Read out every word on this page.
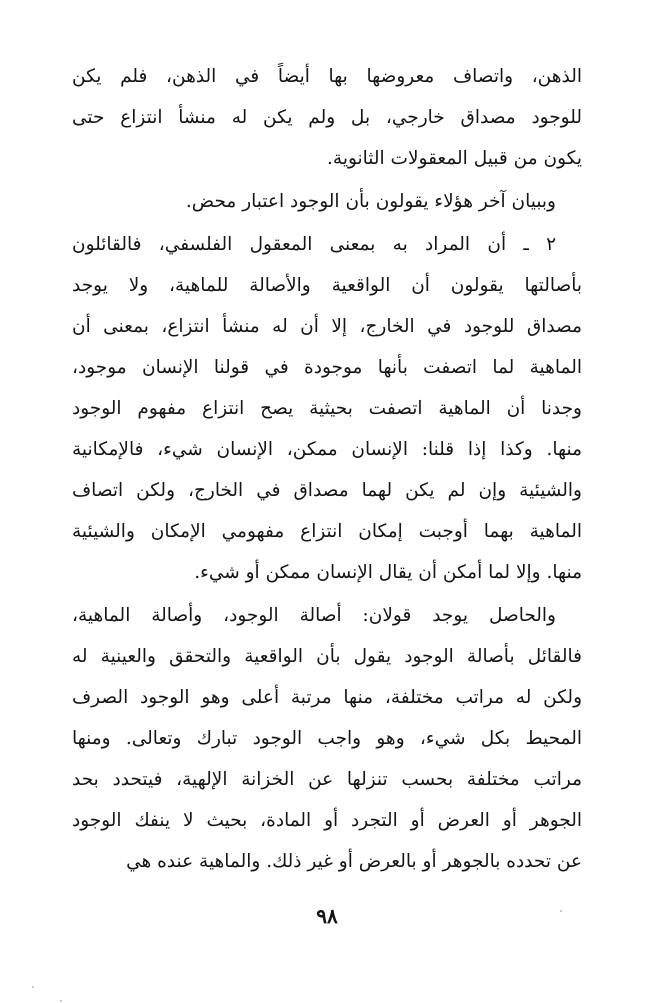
الذهن، واتصاف معروضها بها أيضاً في الذهن، فلم يكن
للوجود مصداق خارجي، بل ولم يكن له منشأ انتزاع حتى
يكون من قبيل المعقولات الثانوية.
وببيان آخر هؤلاء يقولون بأن الوجود اعتبار محض.
٢ ـ أن المراد به بمعنى المعقول الفلسفي، فالقائلون
بأصالتها يقولون أن الواقعية والأصالة للماهية، ولا يوجد
مصداق للوجود في الخارج، إلا أن له منشأ انتزاع، بمعنى أن
الماهية لما اتصفت بأنها موجودة في قولنا الإنسان موجود،
وجدنا أن الماهية اتصفت بحيثية يصح انتزاع مفهوم الوجود
منها. وكذا إذا قلنا: الإنسان ممكن، الإنسان شيء، فالإمكانية
والشيئية وإن لم يكن لهما مصداق في الخارج، ولكن اتصاف
الماهية بهما أوجبت إمكان انتزاع مفهومي الإمكان والشيئية
منها. وإلا لما أمكن أن يقال الإنسان ممكن أو شيء.
والحاصل يوجد قولان: أصالة الوجود، وأصالة الماهية،
فالقائل بأصالة الوجود يقول بأن الواقعية والتحقق والعينية له
ولكن له مراتب مختلفة، منها مرتبة أعلى وهو الوجود الصرف
المحيط بكل شيء، وهو واجب الوجود تبارك وتعالى. ومنها
مراتب مختلفة بحسب تنزلها عن الخزانة الإلهية، فيتحدد بحد
الجوهر أو العرض أو التجرد أو المادة، بحيث لا ينفك الوجود
عن تحدده بالجوهر أو بالعرض أو غير ذلك. والماهية عنده هي
٩٨
